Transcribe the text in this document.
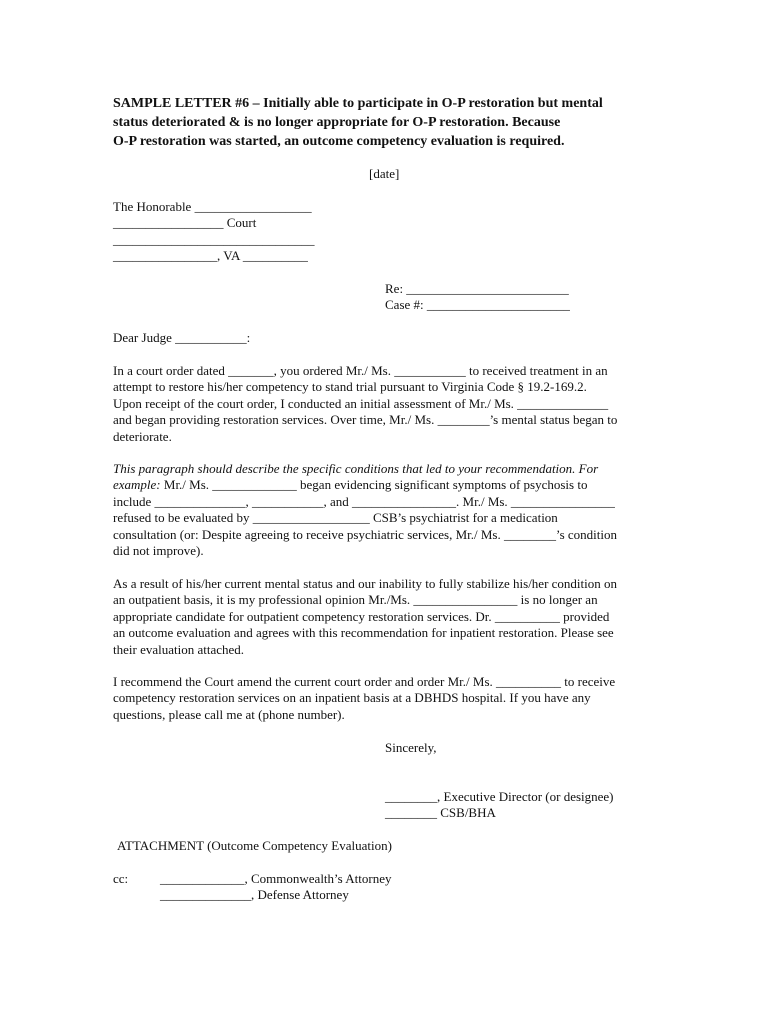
SAMPLE LETTER #6 – Initially able to participate in O-P restoration but mental
status deteriorated & is no longer appropriate for O-P restoration. Because
O-P restoration was started, an outcome competency evaluation is required.
[date]
The Honorable __________________
_________________ Court
_______________________________
________________, VA __________
Re: _________________________
Case #: ______________________
Dear Judge ___________:
In a court order dated _______, you ordered Mr./ Ms. ___________ to received treatment in an
attempt to restore his/her competency to stand trial pursuant to Virginia Code § 19.2-169.2.
Upon receipt of the court order, I conducted an initial assessment of Mr./ Ms. ______________
and began providing restoration services. Over time, Mr./ Ms. ________’s mental status began to
deteriorate.
This paragraph should describe the specific conditions that led to your recommendation. For
example: Mr./ Ms. _____________ began evidencing significant symptoms of psychosis to
include ______________, ___________, and ________________. Mr./ Ms. ________________
refused to be evaluated by __________________ CSB’s psychiatrist for a medication
consultation (or: Despite agreeing to receive psychiatric services, Mr./ Ms. ________’s condition
did not improve).
As a result of his/her current mental status and our inability to fully stabilize his/her condition on
an outpatient basis, it is my professional opinion Mr./Ms. ________________ is no longer an
appropriate candidate for outpatient competency restoration services. Dr. __________ provided
an outcome evaluation and agrees with this recommendation for inpatient restoration. Please see
their evaluation attached.
I recommend the Court amend the current court order and order Mr./ Ms. __________ to receive
competency restoration services on an inpatient basis at a DBHDS hospital. If you have any
questions, please call me at (phone number).
Sincerely,
________, Executive Director (or designee)
________ CSB/BHA
ATTACHMENT (Outcome Competency Evaluation)
cc: _____________, Commonwealth’s Attorney
______________, Defense Attorney
